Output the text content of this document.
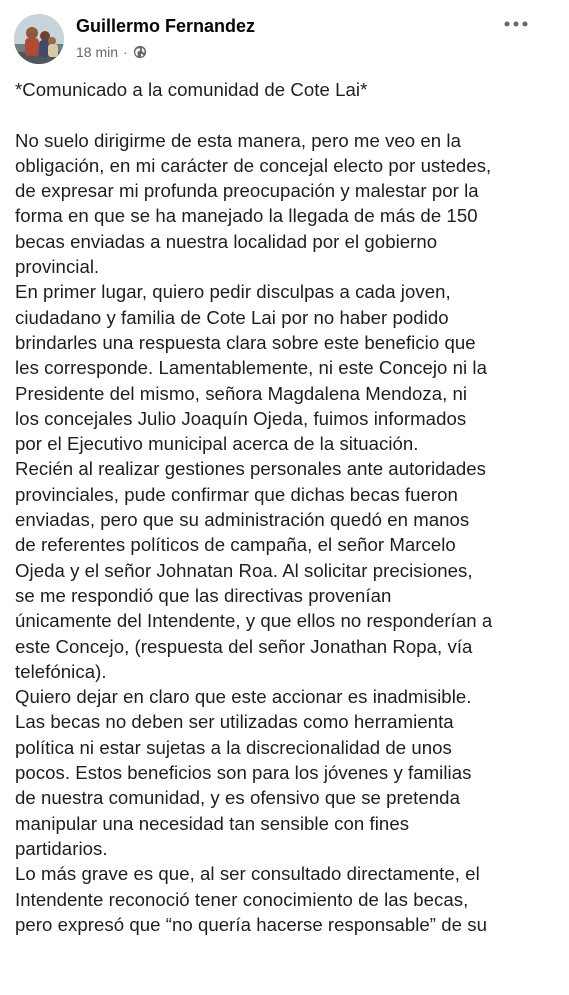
Guillermo Fernandez
18 min ·
*Comunicado a la comunidad de Cote Lai*
No suelo dirigirme de esta manera, pero me veo en la
obligación, en mi carácter de concejal electo por ustedes,
de expresar mi profunda preocupación y malestar por la
forma en que se ha manejado la llegada de más de 150
becas enviadas a nuestra localidad por el gobierno
provincial.
En primer lugar, quiero pedir disculpas a cada joven,
ciudadano y familia de Cote Lai por no haber podido
brindarles una respuesta clara sobre este beneficio que
les corresponde. Lamentablemente, ni este Concejo ni la
Presidente del mismo, señora Magdalena Mendoza, ni
los concejales Julio Joaquín Ojeda, fuimos informados
por el Ejecutivo municipal acerca de la situación.
Recién al realizar gestiones personales ante autoridades
provinciales, pude confirmar que dichas becas fueron
enviadas, pero que su administración quedó en manos
de referentes políticos de campaña, el señor Marcelo
Ojeda y el señor Johnatan Roa. Al solicitar precisiones,
se me respondió que las directivas provenían
únicamente del Intendente, y que ellos no responderían a
este Concejo, (respuesta del señor Jonathan Ropa, vía
telefónica).
Quiero dejar en claro que este accionar es inadmisible.
Las becas no deben ser utilizadas como herramienta
política ni estar sujetas a la discrecionalidad de unos
pocos. Estos beneficios son para los jóvenes y familias
de nuestra comunidad, y es ofensivo que se pretenda
manipular una necesidad tan sensible con fines
partidarios.
Lo más grave es que, al ser consultado directamente, el
Intendente reconoció tener conocimiento de las becas,
pero expresó que “no quería hacerse responsable” de su
